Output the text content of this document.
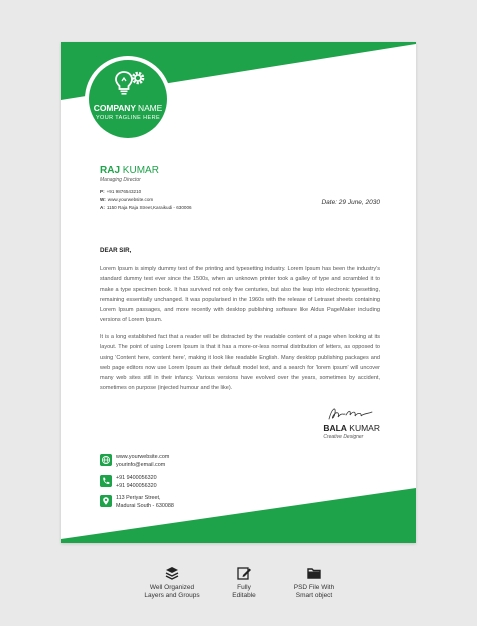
COMPANY NAME
YOUR TAGLINE HERE
RAJ KUMAR
Managing Director
P: +91 9876543210
W: www.yourwebsite.com
A: 1150 Raja Raja Street,Karaikudi - 630006
Date: 29 June, 2030
DEAR SIR,

Lorem Ipsum is simply dummy text of the printing and typesetting industry. Lorem Ipsum has been the industry's standard dummy text ever since the 1500s, when an unknown printer took a galley of type and scrambled it to make a type specimen book. It has survived not only five centuries, but also the leap into electronic typesetting, remaining essentially unchanged. It was popularised in the 1960s with the release of Letraset sheets containing Lorem Ipsum passages, and more recently with desktop publishing software like Aldus PageMaker including versions of Lorem Ipsum.

It is a long established fact that a reader will be distracted by the readable content of a page when looking at its layout. The point of using Lorem Ipsum is that it has a more-or-less normal distribution of letters, as opposed to using 'Content here, content here', making it look like readable English. Many desktop publishing packages and web page editors now use Lorem Ipsum as their default model text, and a search for 'lorem ipsum' will uncover many web sites still in their infancy. Various versions have evolved over the years, sometimes by accident, sometimes on purpose (injected humour and the like).

BALA KUMAR
Creative Designer
www.yourwebsite.com
yourinfo@email.com
+91 9400056320
+91 9400056320
113 Periyar Street,
Madurai South - 630088
Well Organized
Layers and Groups
Fully
Editable
PSD File With
Smart object
